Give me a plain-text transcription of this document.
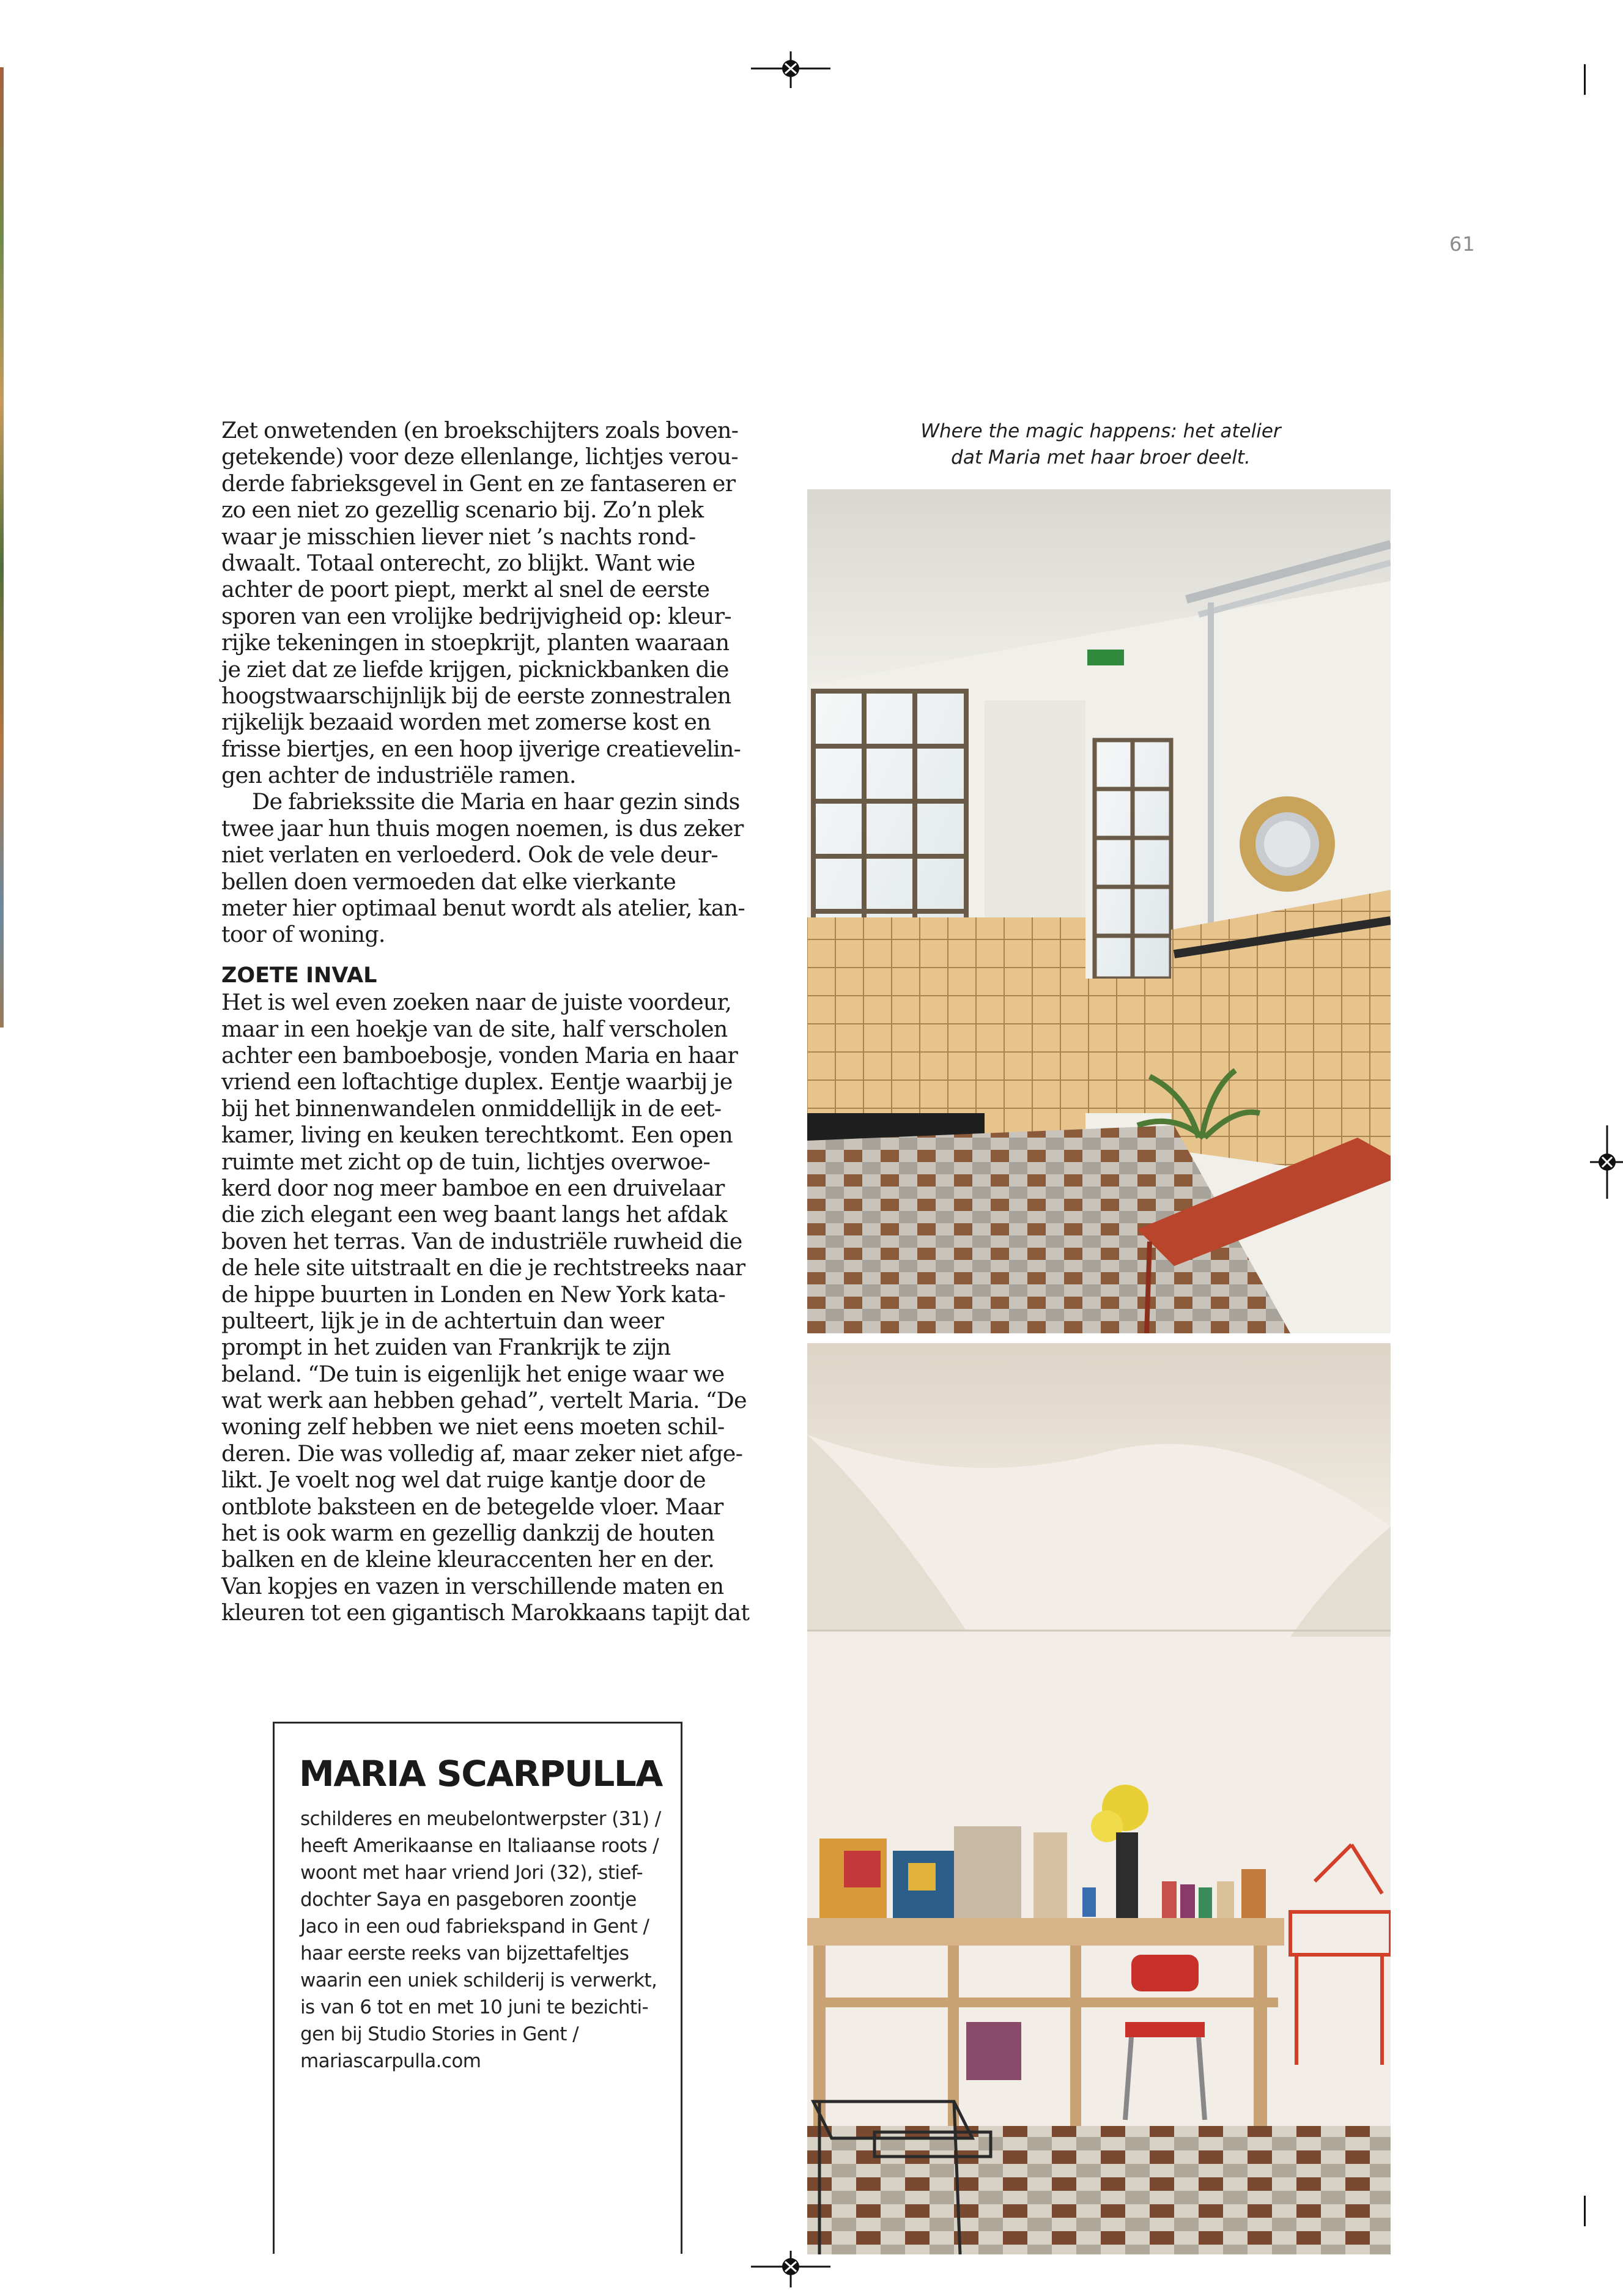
61
Zet onwetenden (en broekschijters zoals boven-
getekende) voor deze ellenlange, lichtjes verou-
derde fabrieksgevel in Gent en ze fantaseren er
zo een niet zo gezellig scenario bij. Zo’n plek
waar je misschien liever niet ’s nachts rond-
dwaalt. Totaal onterecht, zo blijkt. Want wie
achter de poort piept, merkt al snel de eerste
sporen van een vrolijke bedrijvigheid op: kleur-
rijke tekeningen in stoepkrijt, planten waaraan
je ziet dat ze liefde krijgen, picknickbanken die
hoogstwaarschijnlijk bij de eerste zonnestralen
rijkelijk bezaaid worden met zomerse kost en
frisse biertjes, en een hoop ijverige creatievelin-
gen achter de industriële ramen.
De fabriekssite die Maria en haar gezin sinds
twee jaar hun thuis mogen noemen, is dus zeker
niet verlaten en verloederd. Ook de vele deur-
bellen doen vermoeden dat elke vierkante
meter hier optimaal benut wordt als atelier, kan-
toor of woning.
ZOETE INVAL
Het is wel even zoeken naar de juiste voordeur,
maar in een hoekje van de site, half verscholen
achter een bamboebosje, vonden Maria en haar
vriend een loftachtige duplex. Eentje waarbij je
bij het binnenwandelen onmiddellijk in de eet-
kamer, living en keuken terechtkomt. Een open
ruimte met zicht op de tuin, lichtjes overwoe-
kerd door nog meer bamboe en een druivelaar
die zich elegant een weg baant langs het afdak
boven het terras. Van de industriële ruwheid die
de hele site uitstraalt en die je rechtstreeks naar
de hippe buurten in Londen en New York kata-
pulteert, lijk je in de achtertuin dan weer
prompt in het zuiden van Frankrijk te zijn
beland. “De tuin is eigenlijk het enige waar we
wat werk aan hebben gehad”, vertelt Maria. “De
woning zelf hebben we niet eens moeten schil-
deren. Die was volledig af, maar zeker niet afge-
likt. Je voelt nog wel dat ruige kantje door de
ontblote baksteen en de betegelde vloer. Maar
het is ook warm en gezellig dankzij de houten
balken en de kleine kleuraccenten her en der.
Van kopjes en vazen in verschillende maten en
kleuren tot een gigantisch Marokkaans tapijt dat
Where the magic happens: het atelier
dat Maria met haar broer deelt.
MARIA SCARPULLA
schilderes en meubelontwerpster (31) /
heeft Amerikaanse en Italiaanse roots /
woont met haar vriend Jori (32), stief-
dochter Saya en pasgeboren zoontje
Jaco in een oud fabriekspand in Gent /
haar eerste reeks van bijzettafeltjes
waarin een uniek schilderij is verwerkt,
is van 6 tot en met 10 juni te bezichti-
gen bij Studio Stories in Gent /
mariascarpulla.com
